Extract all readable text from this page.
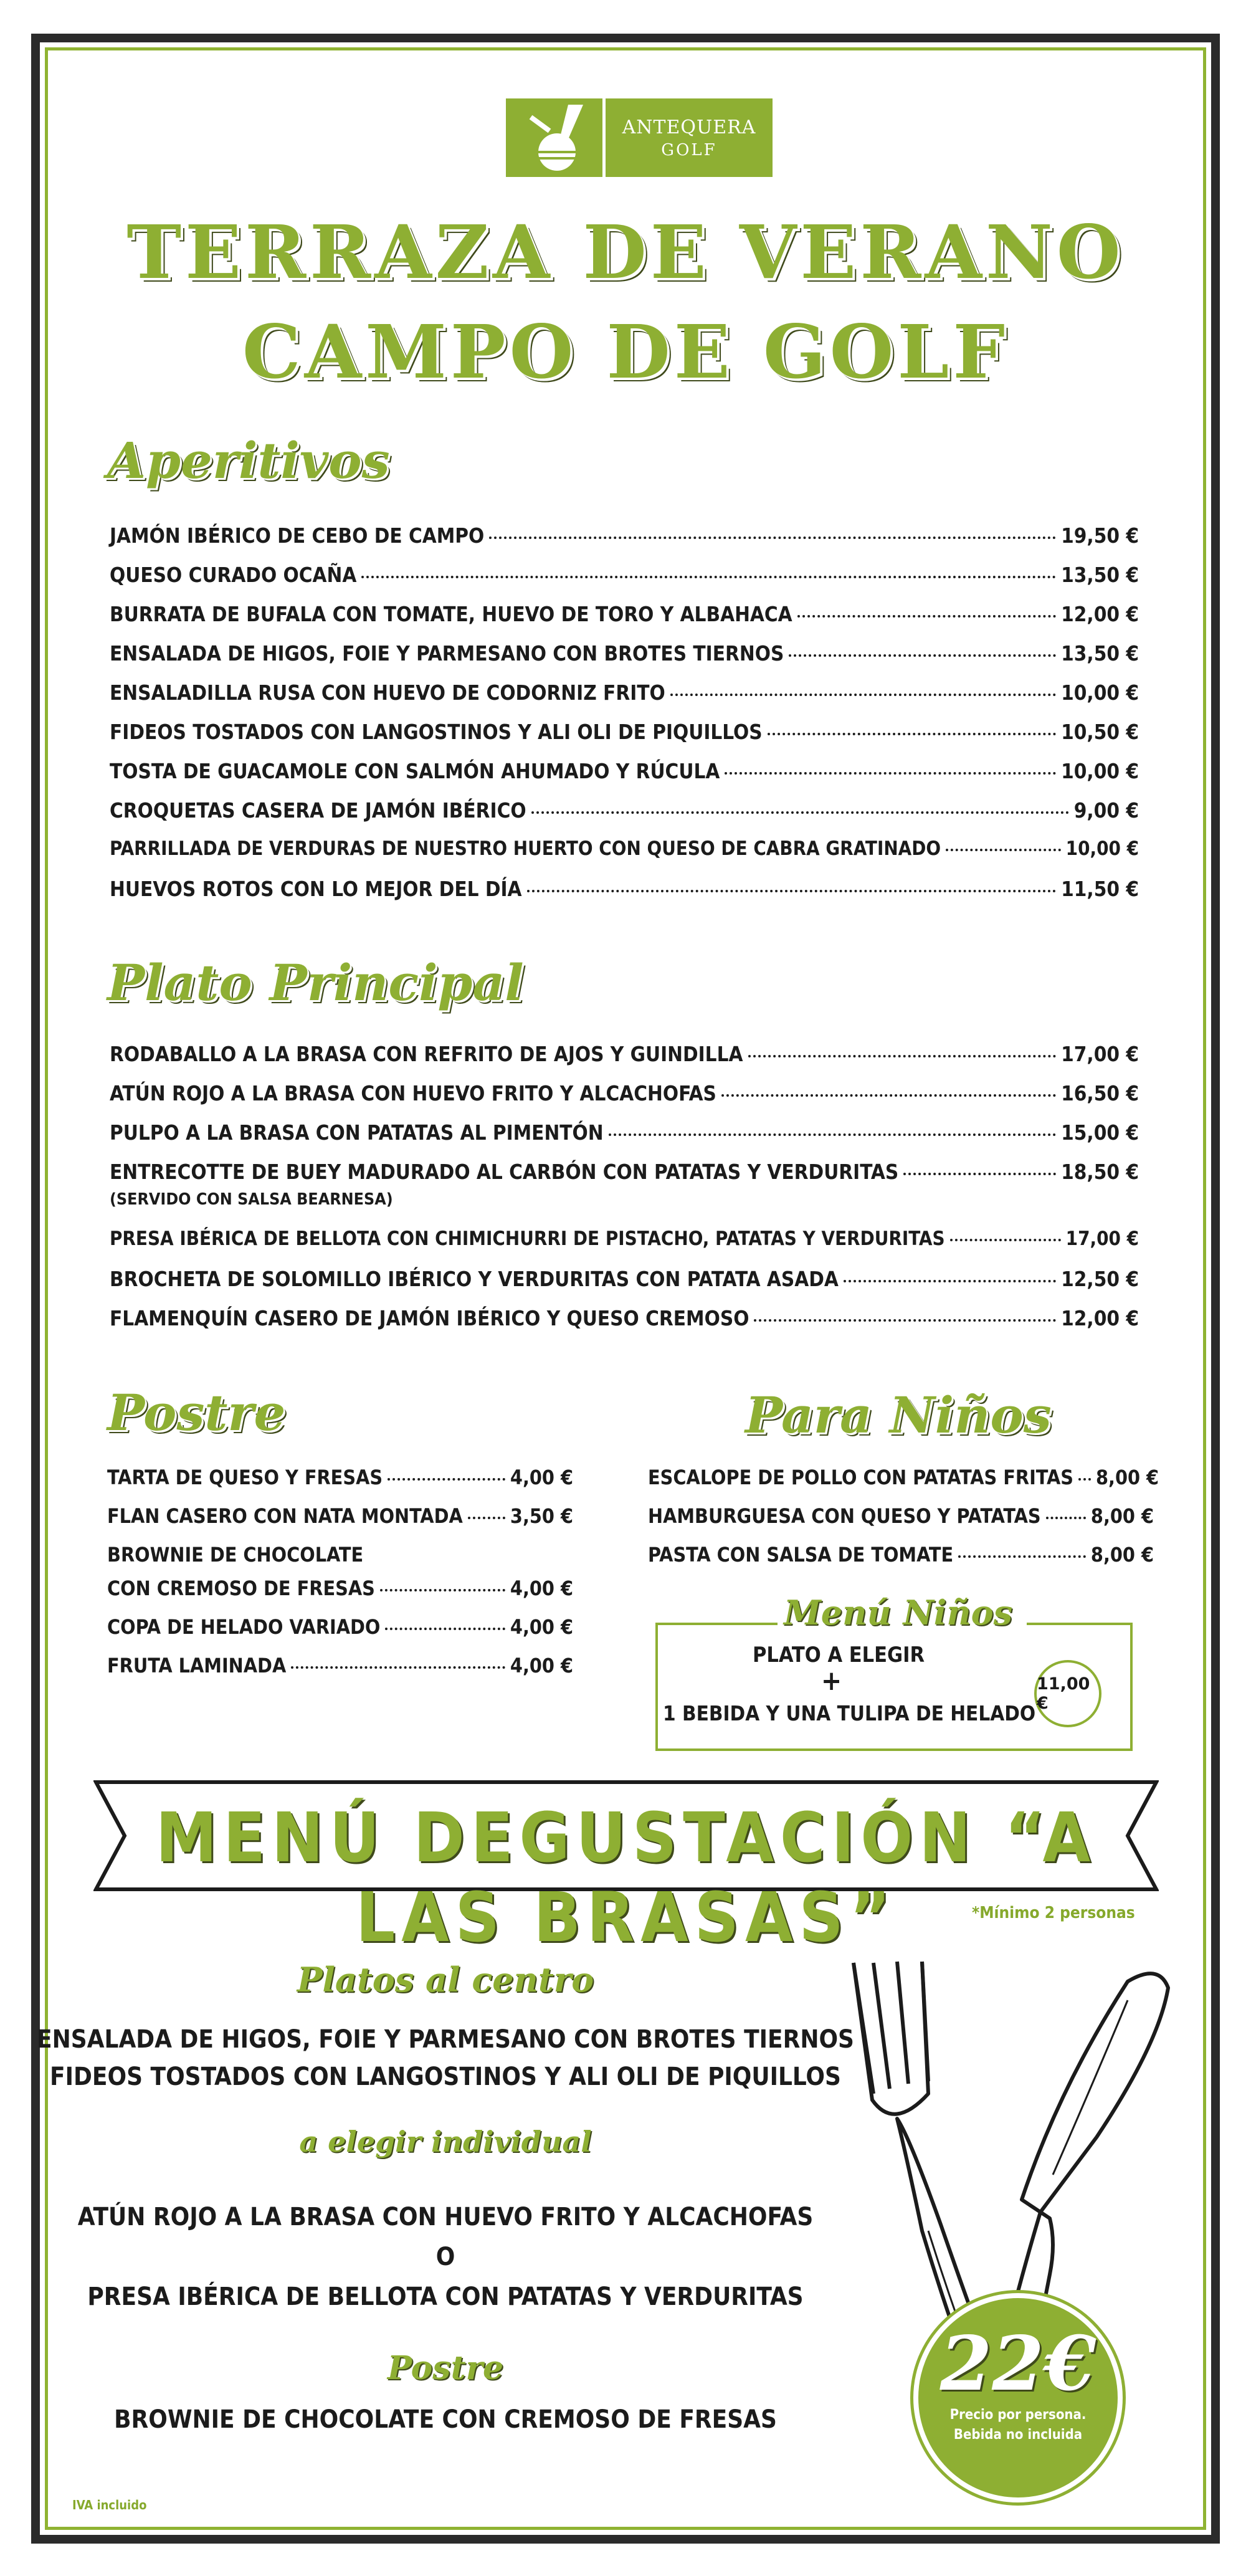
ANTEQUERA
GOLF
TERRAZA DE VERANO
CAMPO DE GOLF
Aperitivos
JAMÓN IBÉRICO DE CEBO DE CAMPO	19,50 €
QUESO CURADO OCAÑA	13,50 €
BURRATA DE BUFALA CON TOMATE, HUEVO DE TORO Y ALBAHACA	12,00 €
ENSALADA DE HIGOS, FOIE Y PARMESANO CON BROTES TIERNOS	13,50 €
ENSALADILLA RUSA CON HUEVO DE CODORNIZ FRITO	10,00 €
FIDEOS TOSTADOS CON LANGOSTINOS Y ALI OLI DE PIQUILLOS	10,50 €
TOSTA DE GUACAMOLE CON SALMÓN AHUMADO Y RÚCULA	10,00 €
CROQUETAS CASERA DE JAMÓN IBÉRICO	9,00 €
PARRILLADA DE VERDURAS DE NUESTRO HUERTO CON QUESO DE CABRA GRATINADO	10,00 €
HUEVOS ROTOS CON LO MEJOR DEL DÍA	11,50 €
Plato Principal
RODABALLO A LA BRASA CON REFRITO DE AJOS Y GUINDILLA	17,00 €
ATÚN ROJO A LA BRASA CON HUEVO FRITO Y ALCACHOFAS	16,50 €
PULPO A LA BRASA CON PATATAS AL PIMENTÓN	15,00 €
ENTRECOTTE DE BUEY MADURADO AL CARBÓN CON PATATAS Y VERDURITAS	18,50 €
(SERVIDO CON SALSA BEARNESA)
PRESA IBÉRICA DE BELLOTA CON CHIMICHURRI DE PISTACHO, PATATAS Y VERDURITAS	17,00 €
BROCHETA DE SOLOMILLO IBÉRICO Y VERDURITAS CON PATATA ASADA	12,50 €
FLAMENQUÍN CASERO DE JAMÓN IBÉRICO Y QUESO CREMOSO	12,00 €
Postre
TARTA DE QUESO Y FRESAS	4,00 €
FLAN CASERO CON NATA MONTADA 3,50 €
BROWNIE DE CHOCOLATE
CON CREMOSO DE FRESAS	4,00 €
COPA DE HELADO VARIADO	4,00 €
FRUTA LAMINADA	4,00 €
Para Niños
ESCALOPE DE POLLO CON PATATAS FRITAS 8,00 €
HAMBURGUESA CON QUESO Y PATATAS	8,00 €
PASTA CON SALSA DE TOMATE	8,00 €
Menú Niños
PLATO A ELEGIR
+
1 BEBIDA Y UNA TULIPA DE HELADO
11,00 €
MENÚ DEGUSTACIÓN “A LAS BRASAS”	*Mínimo 2 personas
Platos al centro
ENSALADA DE HIGOS, FOIE Y PARMESANO CON BROTES TIERNOS
FIDEOS TOSTADOS CON LANGOSTINOS Y ALI OLI DE PIQUILLOS
a elegir individual
ATÚN ROJO A LA BRASA CON HUEVO FRITO Y ALCACHOFAS
O
PRESA IBÉRICA DE BELLOTA CON PATATAS Y VERDURITAS
Postre
BROWNIE DE CHOCOLATE CON CREMOSO DE FRESAS
22€
Precio por persona.
Bebida no incluida
IVA incluido
